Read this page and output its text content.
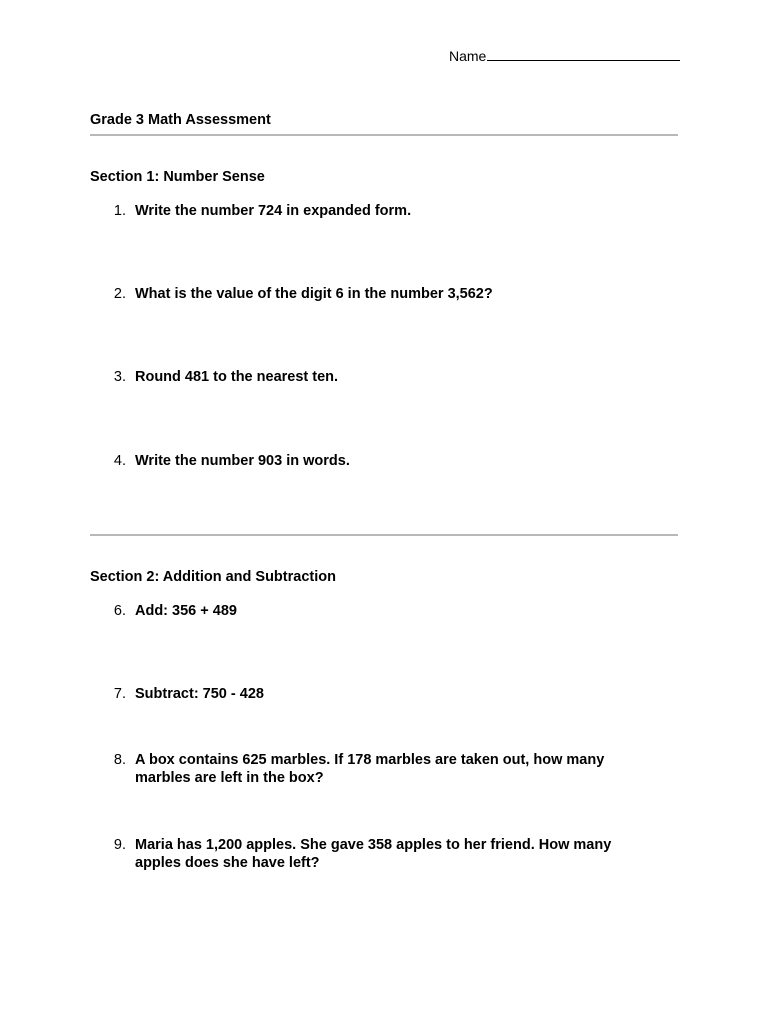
Name
Grade 3 Math Assessment
Section 1: Number Sense
1. Write the number 724 in expanded form.
2. What is the value of the digit 6 in the number 3,562?
3. Round 481 to the nearest ten.
4. Write the number 903 in words.
Section 2: Addition and Subtraction
6. Add: 356 + 489
7. Subtract: 750 - 428
8. A box contains 625 marbles. If 178 marbles are taken out, how many marbles are left in the box?
9. Maria has 1,200 apples. She gave 358 apples to her friend. How many apples does she have left?
